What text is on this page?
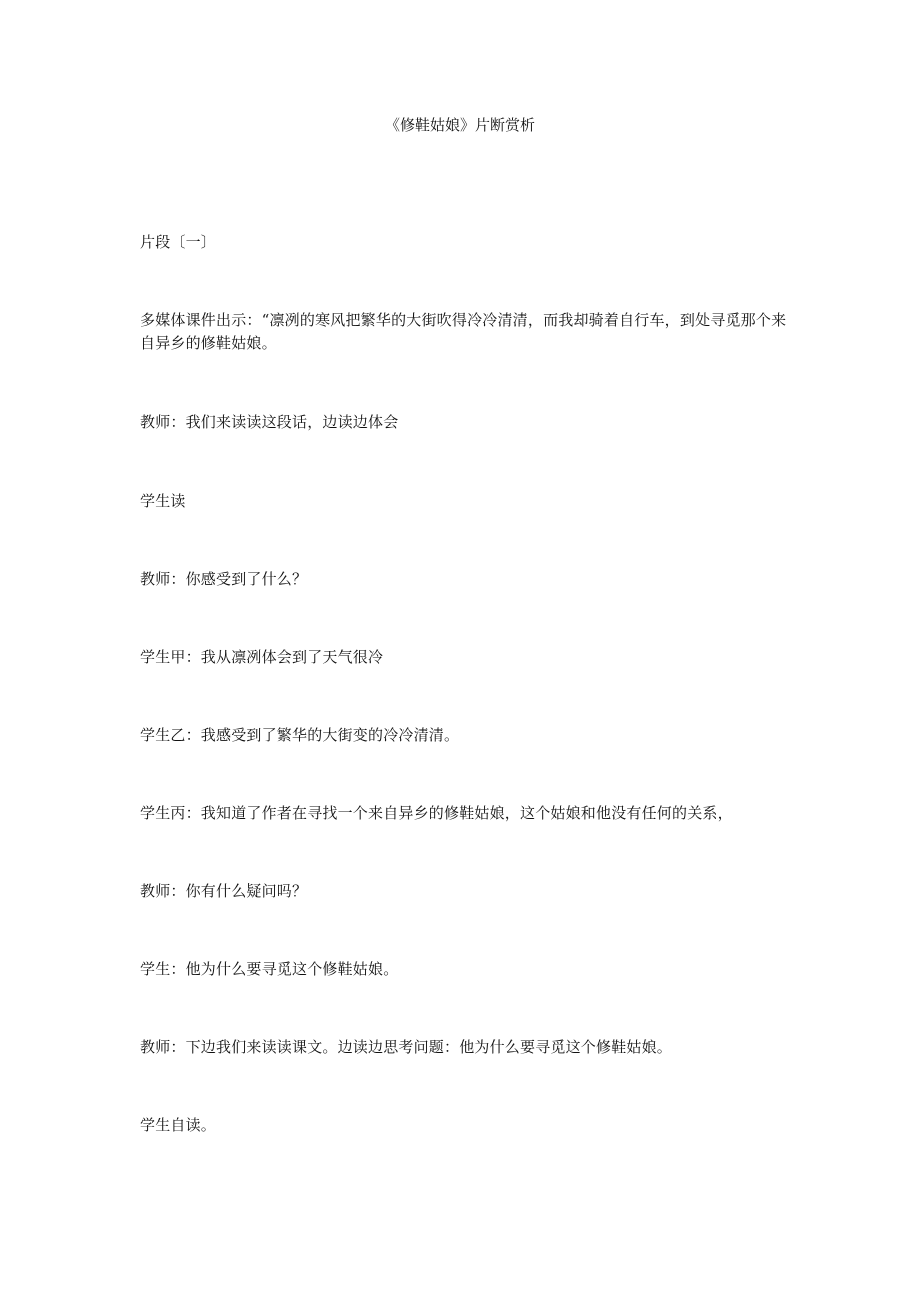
《修鞋姑娘》片断赏析

片段〔一〕

多媒体课件出示：“凛冽的寒风把繁华的大街吹得冷冷清清，而我却骑着自行车，到处寻觅那个来自异乡的修鞋姑娘。

教师：我们来读读这段话，边读边体会

学生读

教师：你感受到了什么？

学生甲：我从凛冽体会到了天气很冷

学生乙：我感受到了繁华的大街变的冷冷清清。

学生丙：我知道了作者在寻找一个来自异乡的修鞋姑娘，这个姑娘和他没有任何的关系，

教师：你有什么疑问吗？

学生：他为什么要寻觅这个修鞋姑娘。

教师：下边我们来读读课文。边读边思考问题：他为什么要寻觅这个修鞋姑娘。

学生自读。
